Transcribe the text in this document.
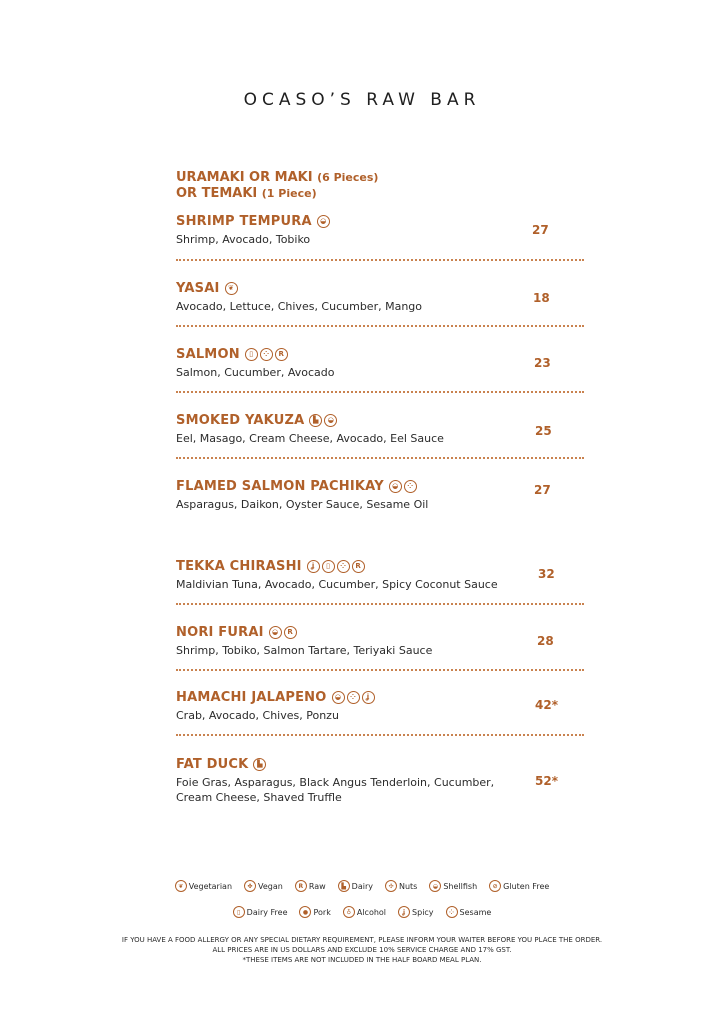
OCASO’S RAW BAR
URAMAKI OR MAKI (6 Pieces)
OR TEMAKI (1 Piece)
SHRIMP TEMPURA	◒
Shrimp, Avocado, Tobiko
27
YASAI	❦
Avocado, Lettuce, Chives, Cucumber, Mango
18
SALMON	▯	⁘	R
Salmon, Cucumber, Avocado
23
SMOKED YAKUZA	▙	◒
Eel, Masago, Cream Cheese, Avocado, Eel Sauce
25
FLAMED SALMON PACHIKAY	◒	⁘
Asparagus, Daikon, Oyster Sauce, Sesame Oil
27
TEKKA CHIRASHI	ʝ	▯	⁘	R
Maldivian Tuna, Avocado, Cucumber, Spicy Coconut Sauce
32
NORI FURAI	◒	R
Shrimp, Tobiko, Salmon Tartare, Teriyaki Sauce
28
HAMACHI JALAPENO	◒	⁘	ʝ
Crab, Avocado, Chives, Ponzu
42*
FAT DUCK	▙
Foie Gras, Asparagus, Black Angus Tenderloin, Cucumber, Cream Cheese, Shaved Truffle
52*
❦ Vegetarian	✤ Vegan	R Raw	▙ Dairy	✣ Nuts	◒ Shellfish	⊘ Gluten Free
▯ Dairy Free	● Pork	♁ Alcohol	ʝ Spicy	⁘ Sesame
IF YOU HAVE A FOOD ALLERGY OR ANY SPECIAL DIETARY REQUIREMENT, PLEASE INFORM YOUR WAITER BEFORE YOU PLACE THE ORDER.
ALL PRICES ARE IN US DOLLARS AND EXCLUDE 10% SERVICE CHARGE AND 17% GST.
*THESE ITEMS ARE NOT INCLUDED IN THE HALF BOARD MEAL PLAN.
